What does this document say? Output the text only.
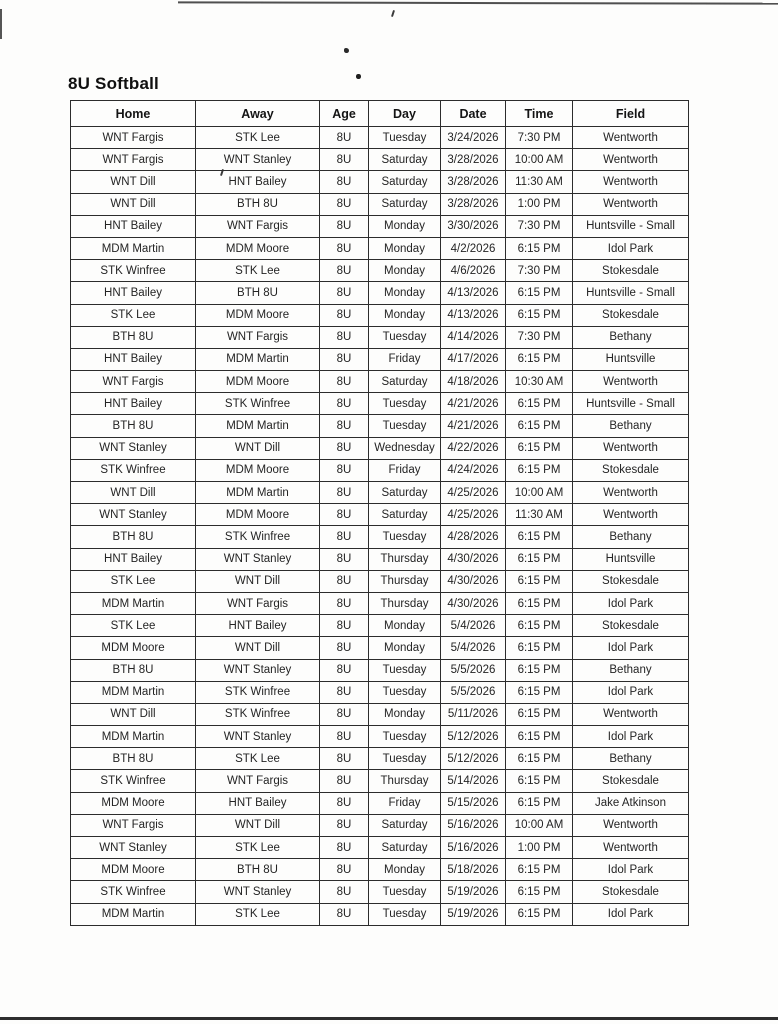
8U Softball
Home	Away	Age	Day	Date	Time	Field
WNT Fargis	STK Lee	8U	Tuesday	3/24/2026	7:30 PM	Wentworth
WNT Fargis	WNT Stanley	8U	Saturday	3/28/2026	10:00 AM	Wentworth
WNT Dill	HNT Bailey	8U	Saturday	3/28/2026	11:30 AM	Wentworth
WNT Dill	BTH 8U	8U	Saturday	3/28/2026	1:00 PM	Wentworth
HNT Bailey	WNT Fargis	8U	Monday	3/30/2026	7:30 PM	Huntsville - Small
MDM Martin	MDM Moore	8U	Monday	4/2/2026	6:15 PM	Idol Park
STK Winfree	STK Lee	8U	Monday	4/6/2026	7:30 PM	Stokesdale
HNT Bailey	BTH 8U	8U	Monday	4/13/2026	6:15 PM	Huntsville - Small
STK Lee	MDM Moore	8U	Monday	4/13/2026	6:15 PM	Stokesdale
BTH 8U	WNT Fargis	8U	Tuesday	4/14/2026	7:30 PM	Bethany
HNT Bailey	MDM Martin	8U	Friday	4/17/2026	6:15 PM	Huntsville
WNT Fargis	MDM Moore	8U	Saturday	4/18/2026	10:30 AM	Wentworth
HNT Bailey	STK Winfree	8U	Tuesday	4/21/2026	6:15 PM	Huntsville - Small
BTH 8U	MDM Martin	8U	Tuesday	4/21/2026	6:15 PM	Bethany
WNT Stanley	WNT Dill	8U	Wednesday	4/22/2026	6:15 PM	Wentworth
STK Winfree	MDM Moore	8U	Friday	4/24/2026	6:15 PM	Stokesdale
WNT Dill	MDM Martin	8U	Saturday	4/25/2026	10:00 AM	Wentworth
WNT Stanley	MDM Moore	8U	Saturday	4/25/2026	11:30 AM	Wentworth
BTH 8U	STK Winfree	8U	Tuesday	4/28/2026	6:15 PM	Bethany
HNT Bailey	WNT Stanley	8U	Thursday	4/30/2026	6:15 PM	Huntsville
STK Lee	WNT Dill	8U	Thursday	4/30/2026	6:15 PM	Stokesdale
MDM Martin	WNT Fargis	8U	Thursday	4/30/2026	6:15 PM	Idol Park
STK Lee	HNT Bailey	8U	Monday	5/4/2026	6:15 PM	Stokesdale
MDM Moore	WNT Dill	8U	Monday	5/4/2026	6:15 PM	Idol Park
BTH 8U	WNT Stanley	8U	Tuesday	5/5/2026	6:15 PM	Bethany
MDM Martin	STK Winfree	8U	Tuesday	5/5/2026	6:15 PM	Idol Park
WNT Dill	STK Winfree	8U	Monday	5/11/2026	6:15 PM	Wentworth
MDM Martin	WNT Stanley	8U	Tuesday	5/12/2026	6:15 PM	Idol Park
BTH 8U	STK Lee	8U	Tuesday	5/12/2026	6:15 PM	Bethany
STK Winfree	WNT Fargis	8U	Thursday	5/14/2026	6:15 PM	Stokesdale
MDM Moore	HNT Bailey	8U	Friday	5/15/2026	6:15 PM	Jake Atkinson
WNT Fargis	WNT Dill	8U	Saturday	5/16/2026	10:00 AM	Wentworth
WNT Stanley	STK Lee	8U	Saturday	5/16/2026	1:00 PM	Wentworth
MDM Moore	BTH 8U	8U	Monday	5/18/2026	6:15 PM	Idol Park
STK Winfree	WNT Stanley	8U	Tuesday	5/19/2026	6:15 PM	Stokesdale
MDM Martin	STK Lee	8U	Tuesday	5/19/2026	6:15 PM	Idol Park
